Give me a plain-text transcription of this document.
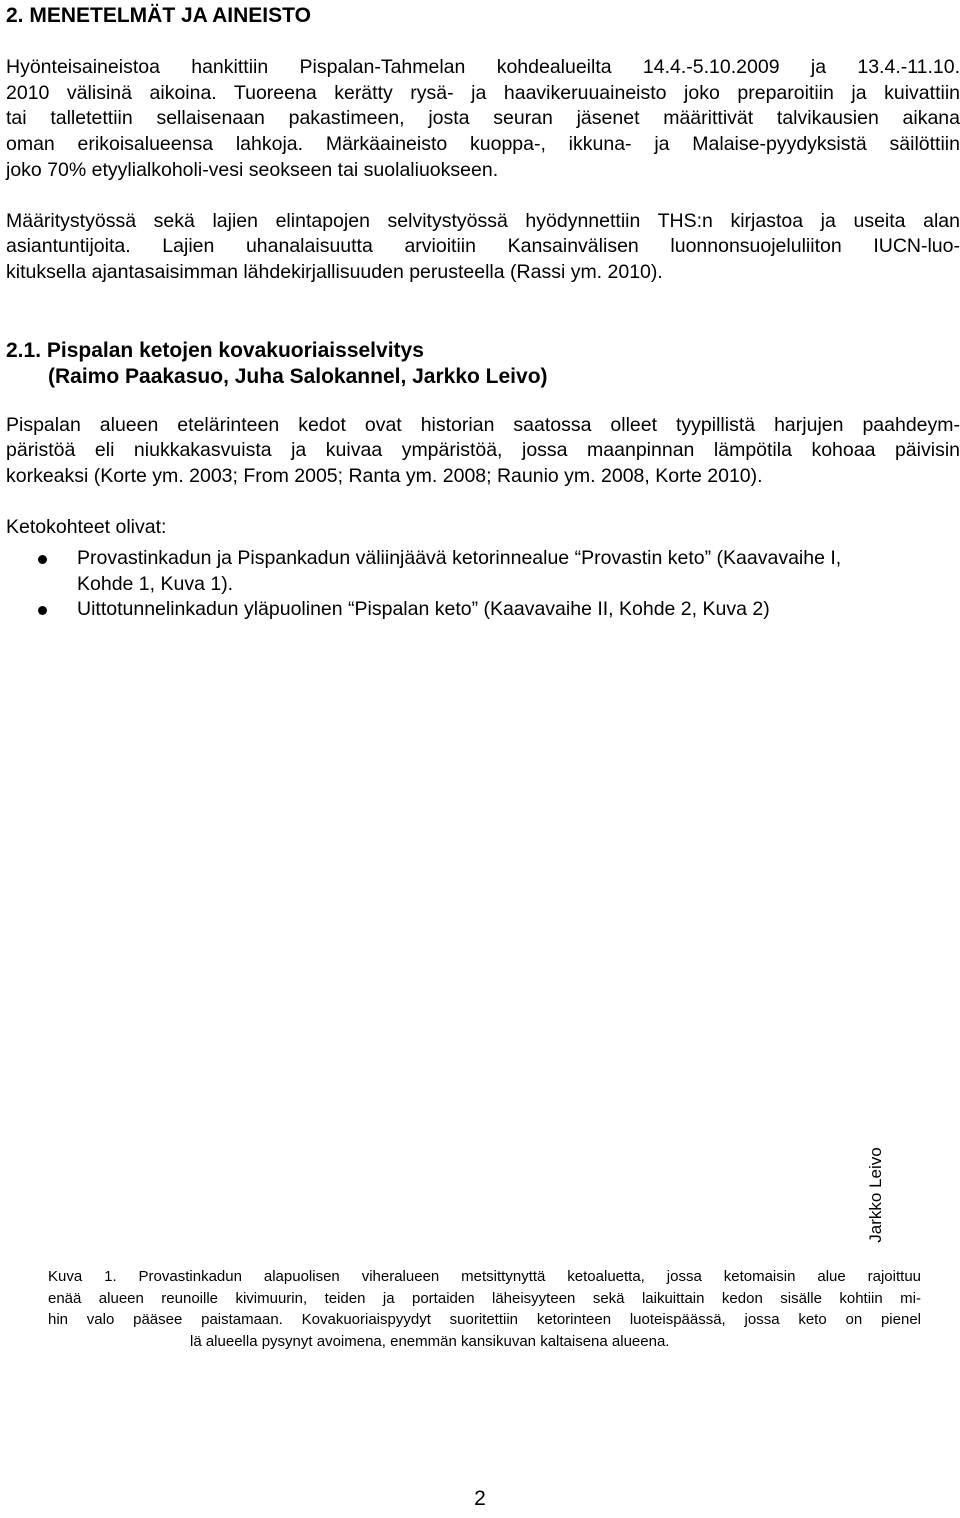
2. MENETELMÄT JA AINEISTO
Hyönteisaineistoa hankittiin Pispalan-Tahmelan kohdealueilta 14.4.-5.10.2009 ja 13.4.-11.10.
2010 välisinä aikoina. Tuoreena kerätty rysä- ja haavikeruuaineisto joko preparoitiin ja kuivattiin
tai talletettiin sellaisenaan pakastimeen, josta seuran jäsenet määrittivät talvikausien aikana
oman erikoisalueensa lahkoja. Märkäaineisto kuoppa-, ikkuna- ja Malaise-pyydyksistä säilöttiin
joko 70% etyylialkoholi-vesi seokseen tai suolaliuokseen.
Määritystyössä sekä lajien elintapojen selvitystyössä hyödynnettiin THS:n kirjastoa ja useita alan
asiantuntijoita. Lajien uhanalaisuutta arvioitiin Kansainvälisen luonnonsuojeluliiton IUCN-luo-
kituksella ajantasaisimman lähdekirjallisuuden perusteella (Rassi ym. 2010).
2.1. Pispalan ketojen kovakuoriaisselvitys
(Raimo Paakasuo, Juha Salokannel, Jarkko Leivo)
Pispalan alueen etelärinteen kedot ovat historian saatossa olleet tyypillistä harjujen paahdeym-
päristöä eli niukkakasvuista ja kuivaa ympäristöä, jossa maanpinnan lämpötila kohoaa päivisin
korkeaksi (Korte ym. 2003; From 2005; Ranta ym. 2008; Raunio ym. 2008, Korte 2010).
Ketokohteet olivat:
Provastinkadun ja Pispankadun väliinjäävä ketorinnealue “Provastin keto” (Kaavavaihe I,
Kohde 1, Kuva 1).
Uittotunnelinkadun yläpuolinen “Pispalan keto” (Kaavavaihe II, Kohde 2, Kuva 2)
Jarkko Leivo
Kuva 1. Provastinkadun alapuolisen viheralueen metsittynyttä ketoaluetta, jossa ketomaisin alue rajoittuu
enää alueen reunoille kivimuurin, teiden ja portaiden läheisyyteen sekä laikuittain kedon sisälle kohtiin mi-
hin valo pääsee paistamaan. Kovakuoriaispyydyt suoritettiin ketorinteen luoteispäässä, jossa keto on pienel
lä alueella pysynyt avoimena, enemmän kansikuvan kaltaisena alueena.
2
